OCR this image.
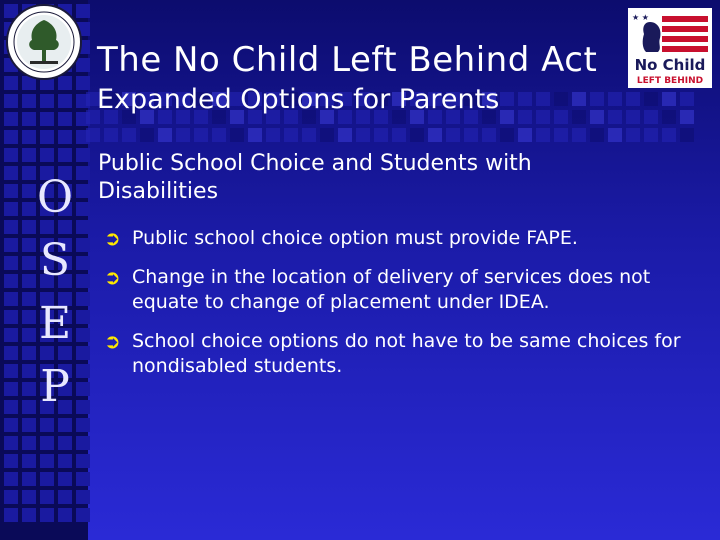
The No Child Left Behind Act
Expanded Options for Parents
★ ★
No Child
LEFT BEHIND
O
S
E
P
Public School Choice and Students with Disabilities
➲ Public school choice option must provide FAPE.
➲ Change in the location of delivery of services does not equate to change of placement under IDEA.
➲ School choice options do not have to be same choices for nondisabled students.
